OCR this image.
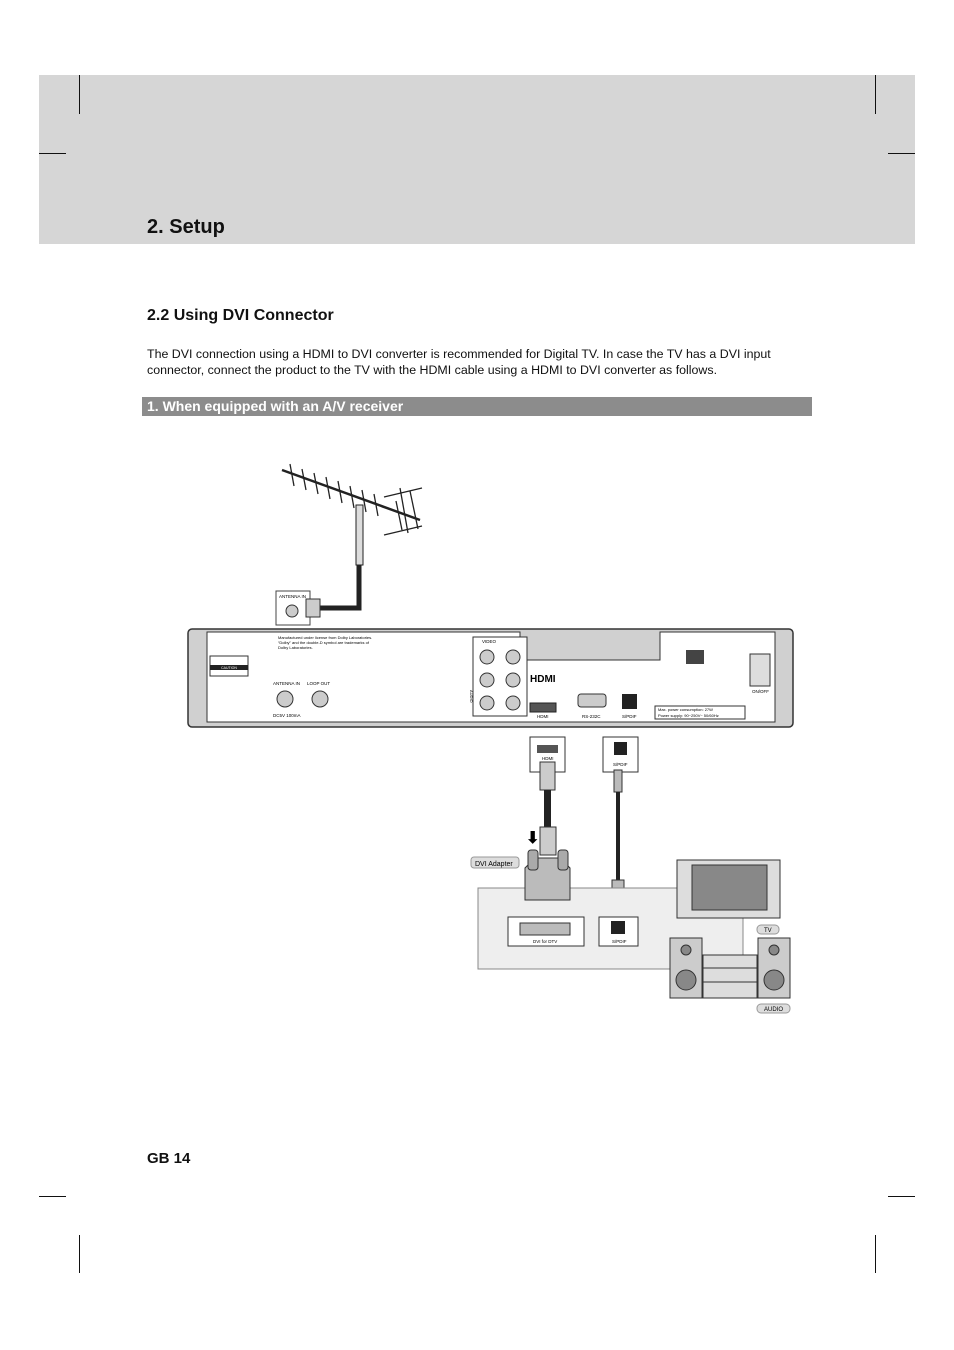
2. Setup
2.2 Using DVI Connector

The DVI connection using a HDMI to DVI converter is recommended for Digital TV. In case the TV has a DVI input connector, connect the product to the TV with the HDMI cable using a HDMI to DVI converter as follows.

1. When equipped with an A/V receiver
ANTENNA IN
Manufactured under license from Dolby Laboratories.
“Dolby” and the double-D symbol are trademarks of
Dolby Laboratories.
CAUTION
ANTENNA IN LOOP OUT
DC5V 100mA
VIDEO
AUDIO
HDMI
HDMI	RS-232C	S/PDIF
Max. power consumption: 27W
Power supply: 90~250V~ 50/60Hz
ON/OFF
HDMI
S/PDIF
⬇
DVI Adapter
DVI for DTV	S/PDIF
TV
AUDIO
GB 14
